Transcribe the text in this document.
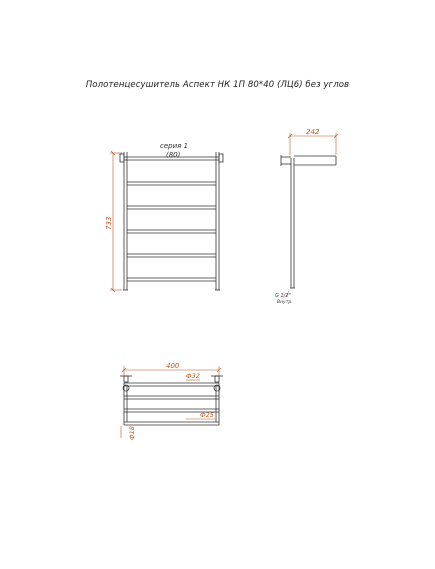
Полотенцесушитель Аспект НК 1П 80*40 (ЛЦ6) без углов
733
серия 1
(80)
242
G 1/2"
Внутр.
400
Ф32
Ф25
Ф18
